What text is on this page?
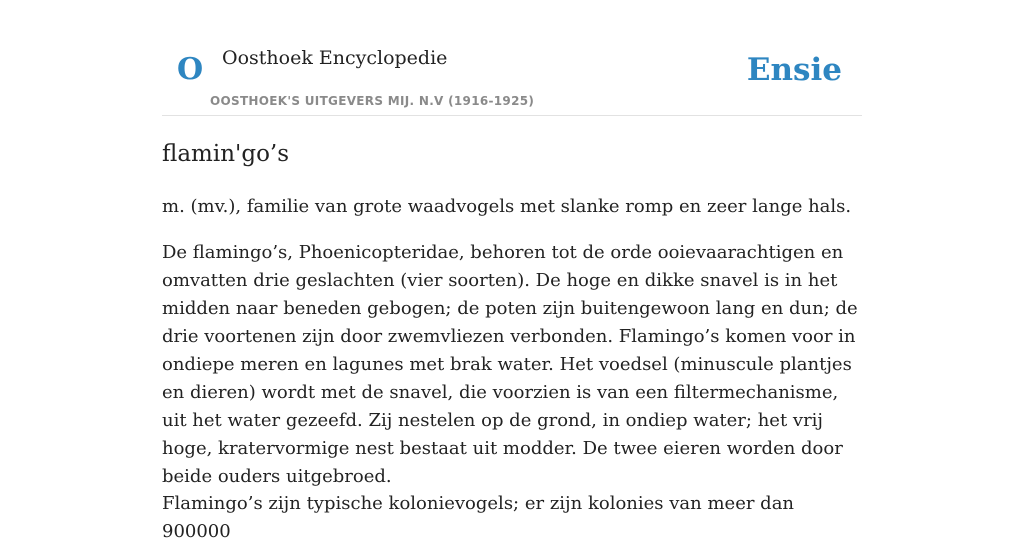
O Oosthoek Encyclopedie
OOSTHOEK'S UITGEVERS MIJ. N.V (1916-1925)
Ensie
flamin'go’s

m. (mv.), familie van grote waadvogels met slanke romp en zeer lange hals.

De flamingo’s, Phoenicopteridae, behoren tot de orde ooievaarachtigen en omvatten drie geslachten (vier soorten). De hoge en dikke snavel is in het midden naar beneden gebogen; de poten zijn buitengewoon lang en dun; de drie voortenen zijn door zwemvliezen verbonden. Flamingo’s komen voor in ondiepe meren en lagunes met brak water. Het voedsel (minuscule plantjes en dieren) wordt met de snavel, die voorzien is van een filtermechanisme, uit het water gezeefd. Zij nestelen op de grond, in ondiep water; het vrij hoge, kratervormige nest bestaat uit modder. De twee eieren worden door beide ouders uitgebroed.

Flamingo’s zijn typische kolonievogels; er zijn kolonies van meer dan 900000
